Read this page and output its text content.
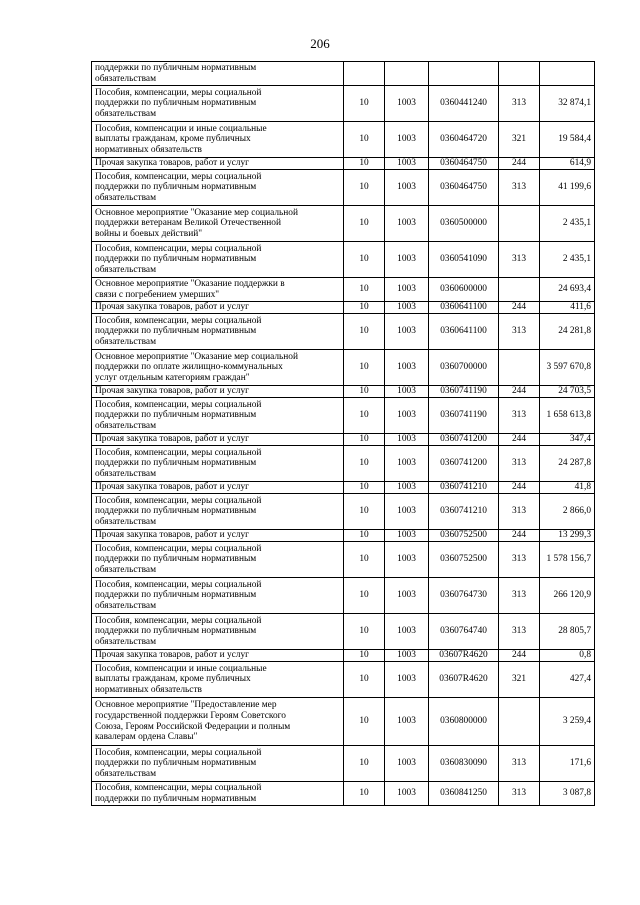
206
поддержки по публичным нормативным
обязательствам					
Пособия, компенсации, меры социальной
поддержки по публичным нормативным
обязательствам	10	1003	0360441240	313	32 874,1
Пособия, компенсации и иные социальные
выплаты гражданам, кроме публичных
нормативных обязательств	10	1003	0360464720	321	19 584,4
Прочая закупка товаров, работ и услуг	10	1003	0360464750	244	614,9
Пособия, компенсации, меры социальной
поддержки по публичным нормативным
обязательствам	10	1003	0360464750	313	41 199,6
Основное мероприятие "Оказание мер социальной
поддержки ветеранам Великой Отечественной
войны и боевых действий"	10	1003	0360500000		2 435,1
Пособия, компенсации, меры социальной
поддержки по публичным нормативным
обязательствам	10	1003	0360541090	313	2 435,1
Основное мероприятие "Оказание поддержки в
связи с погребением умерших"	10	1003	0360600000		24 693,4
Прочая закупка товаров, работ и услуг	10	1003	0360641100	244	411,6
Пособия, компенсации, меры социальной
поддержки по публичным нормативным
обязательствам	10	1003	0360641100	313	24 281,8
Основное мероприятие "Оказание мер социальной
поддержки по оплате жилищно-коммунальных
услуг отдельным категориям граждан"	10	1003	0360700000		3 597 670,8
Прочая закупка товаров, работ и услуг	10	1003	0360741190	244	24 703,5
Пособия, компенсации, меры социальной
поддержки по публичным нормативным
обязательствам	10	1003	0360741190	313	1 658 613,8
Прочая закупка товаров, работ и услуг	10	1003	0360741200	244	347,4
Пособия, компенсации, меры социальной
поддержки по публичным нормативным
обязательствам	10	1003	0360741200	313	24 287,8
Прочая закупка товаров, работ и услуг	10	1003	0360741210	244	41,8
Пособия, компенсации, меры социальной
поддержки по публичным нормативным
обязательствам	10	1003	0360741210	313	2 866,0
Прочая закупка товаров, работ и услуг	10	1003	0360752500	244	13 299,3
Пособия, компенсации, меры социальной
поддержки по публичным нормативным
обязательствам	10	1003	0360752500	313	1 578 156,7
Пособия, компенсации, меры социальной
поддержки по публичным нормативным
обязательствам	10	1003	0360764730	313	266 120,9
Пособия, компенсации, меры социальной
поддержки по публичным нормативным
обязательствам	10	1003	0360764740	313	28 805,7
Прочая закупка товаров, работ и услуг	10	1003	03607R4620	244	0,8
Пособия, компенсации и иные социальные
выплаты гражданам, кроме публичных
нормативных обязательств	10	1003	03607R4620	321	427,4
Основное мероприятие "Предоставление мер
государственной поддержки Героям Советского
Союза, Героям Российской Федерации и полным
кавалерам ордена Славы"	10	1003	0360800000		3 259,4
Пособия, компенсации, меры социальной
поддержки по публичным нормативным
обязательствам	10	1003	0360830090	313	171,6
Пособия, компенсации, меры социальной
поддержки по публичным нормативным	10	1003	0360841250	313	3 087,8
